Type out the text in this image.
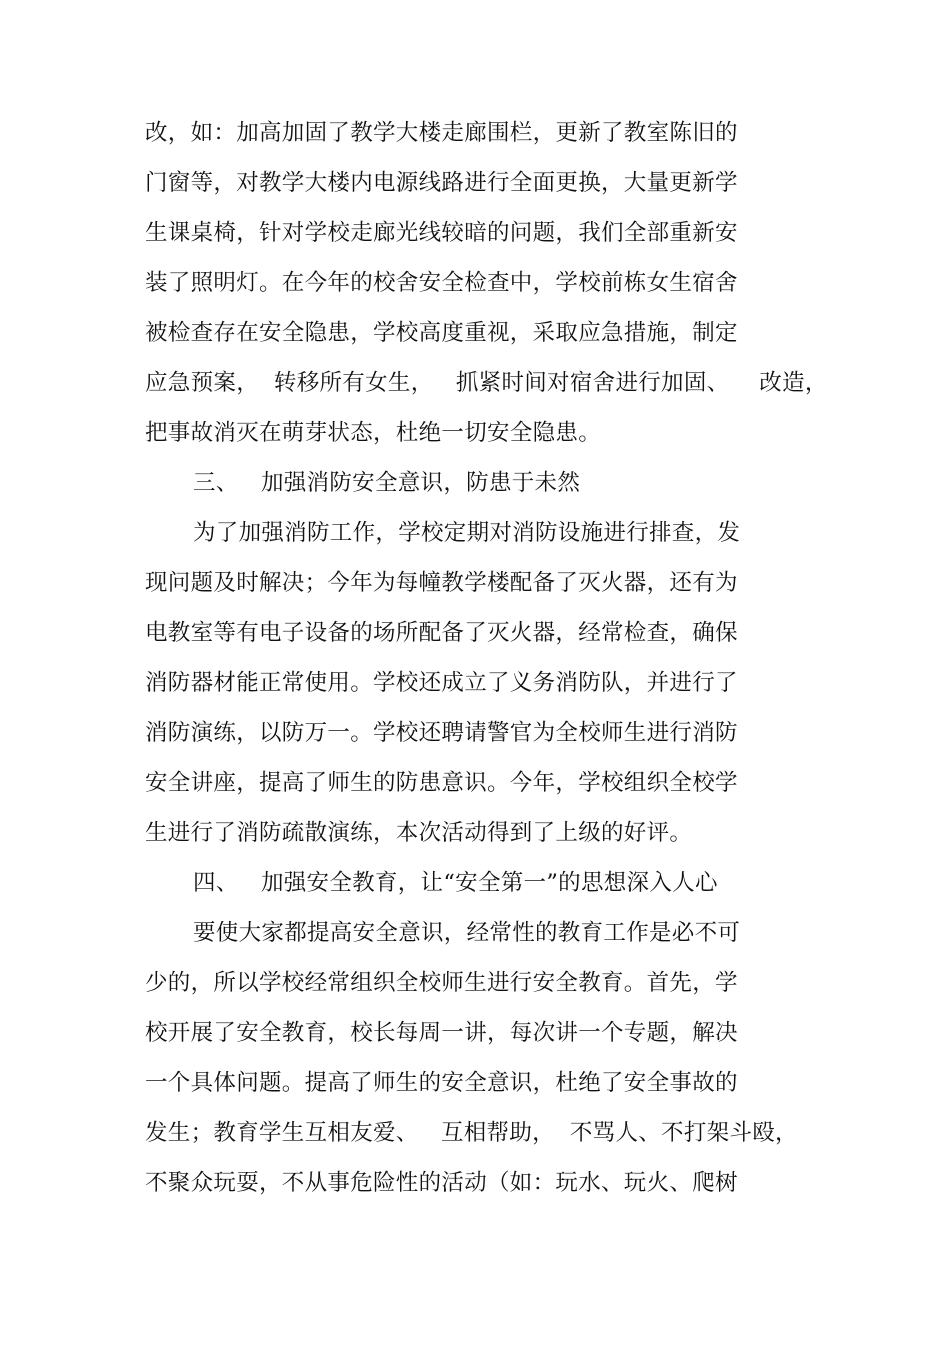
改，如：加高加固了教学大楼走廊围栏，更新了教室陈旧的
门窗等，对教学大楼内电源线路进行全面更换，大量更新学
生课桌椅，针对学校走廊光线较暗的问题，我们全部重新安
装了照明灯。在今年的校舍安全检查中，学校前栋女生宿舍
被检查存在安全隐患，学校高度重视，采取应急措施，制定
应急预案，  转移所有女生，   抓紧时间对宿舍进行加固、    改造，
把事故消灭在萌芽状态，杜绝一切安全隐患。
三、   加强消防安全意识，防患于未然
为了加强消防工作，学校定期对消防设施进行排查，发
现问题及时解决；今年为每幢教学楼配备了灭火器，还有为
电教室等有电子设备的场所配备了灭火器，经常检查，确保
消防器材能正常使用。学校还成立了义务消防队，并进行了
消防演练，以防万一。学校还聘请警官为全校师生进行消防
安全讲座，提高了师生的防患意识。今年，学校组织全校学
生进行了消防疏散演练，本次活动得到了上级的好评。
四、   加强安全教育，让“安全第一”的思想深入人心
要使大家都提高安全意识，经常性的教育工作是必不可
少的，所以学校经常组织全校师生进行安全教育。首先，学
校开展了安全教育，校长每周一讲，每次讲一个专题，解决
一个具体问题。提高了师生的安全意识，杜绝了安全事故的
发生；教育学生互相友爱、   互相帮助，  不骂人、不打架斗殴，
不聚众玩耍，不从事危险性的活动（如：玩水、玩火、爬树
